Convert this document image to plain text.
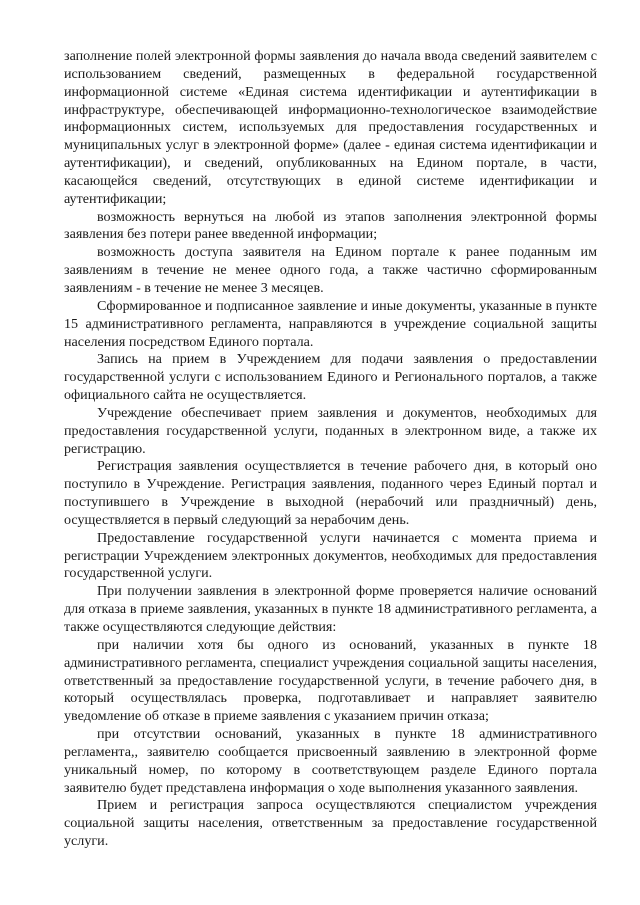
заполнение полей электронной формы заявления до начала ввода сведений заявителем с использованием сведений, размещенных в федеральной государственной информационной системе «Единая система идентификации и аутентификации в инфраструктуре, обеспечивающей информационно-технологическое взаимодействие информационных систем, используемых для предоставления государственных и муниципальных услуг в электронной форме» (далее - единая система идентификации и аутентификации), и сведений, опубликованных на Едином портале, в части, касающейся сведений, отсутствующих в единой системе идентификации и аутентификации;

возможность вернуться на любой из этапов заполнения электронной формы заявления без потери ранее введенной информации;

возможность доступа заявителя на Едином портале к ранее поданным им заявлениям в течение не менее одного года, а также частично сформированным заявлениям - в течение не менее 3 месяцев.

Сформированное и подписанное заявление и иные документы, указанные в пункте 15 административного регламента, направляются в учреждение социальной защиты населения посредством Единого портала.

Запись на прием в Учреждением для подачи заявления о предоставлении государственной услуги с использованием Единого и Регионального порталов, а также официального сайта не осуществляется.

Учреждение обеспечивает прием заявления и документов, необходимых для предоставления государственной услуги, поданных в электронном виде, а также их регистрацию.

Регистрация заявления осуществляется в течение рабочего дня, в который оно поступило в Учреждение. Регистрация заявления, поданного через Единый портал и поступившего в Учреждение в выходной (нерабочий или праздничный) день, осуществляется в первый следующий за нерабочим день.

Предоставление государственной услуги начинается с момента приема и регистрации Учреждением электронных документов, необходимых для предоставления государственной услуги.

При получении заявления в электронной форме проверяется наличие оснований для отказа в приеме заявления, указанных в пункте 18 административного регламента, а также осуществляются следующие действия:

при наличии хотя бы одного из оснований, указанных в пункте 18 административного регламента, специалист учреждения социальной защиты населения, ответственный за предоставление государственной услуги, в течение рабочего дня, в который осуществлялась проверка, подготавливает и направляет заявителю уведомление об отказе в приеме заявления с указанием причин отказа;

при отсутствии оснований, указанных в пункте 18 административного регламента,, заявителю сообщается присвоенный заявлению в электронной форме уникальный номер, по которому в соответствующем разделе Единого портала заявителю будет представлена информация о ходе выполнения указанного заявления.

Прием и регистрация запроса осуществляются специалистом учреждения социальной защиты населения, ответственным за предоставление государственной услуги.
